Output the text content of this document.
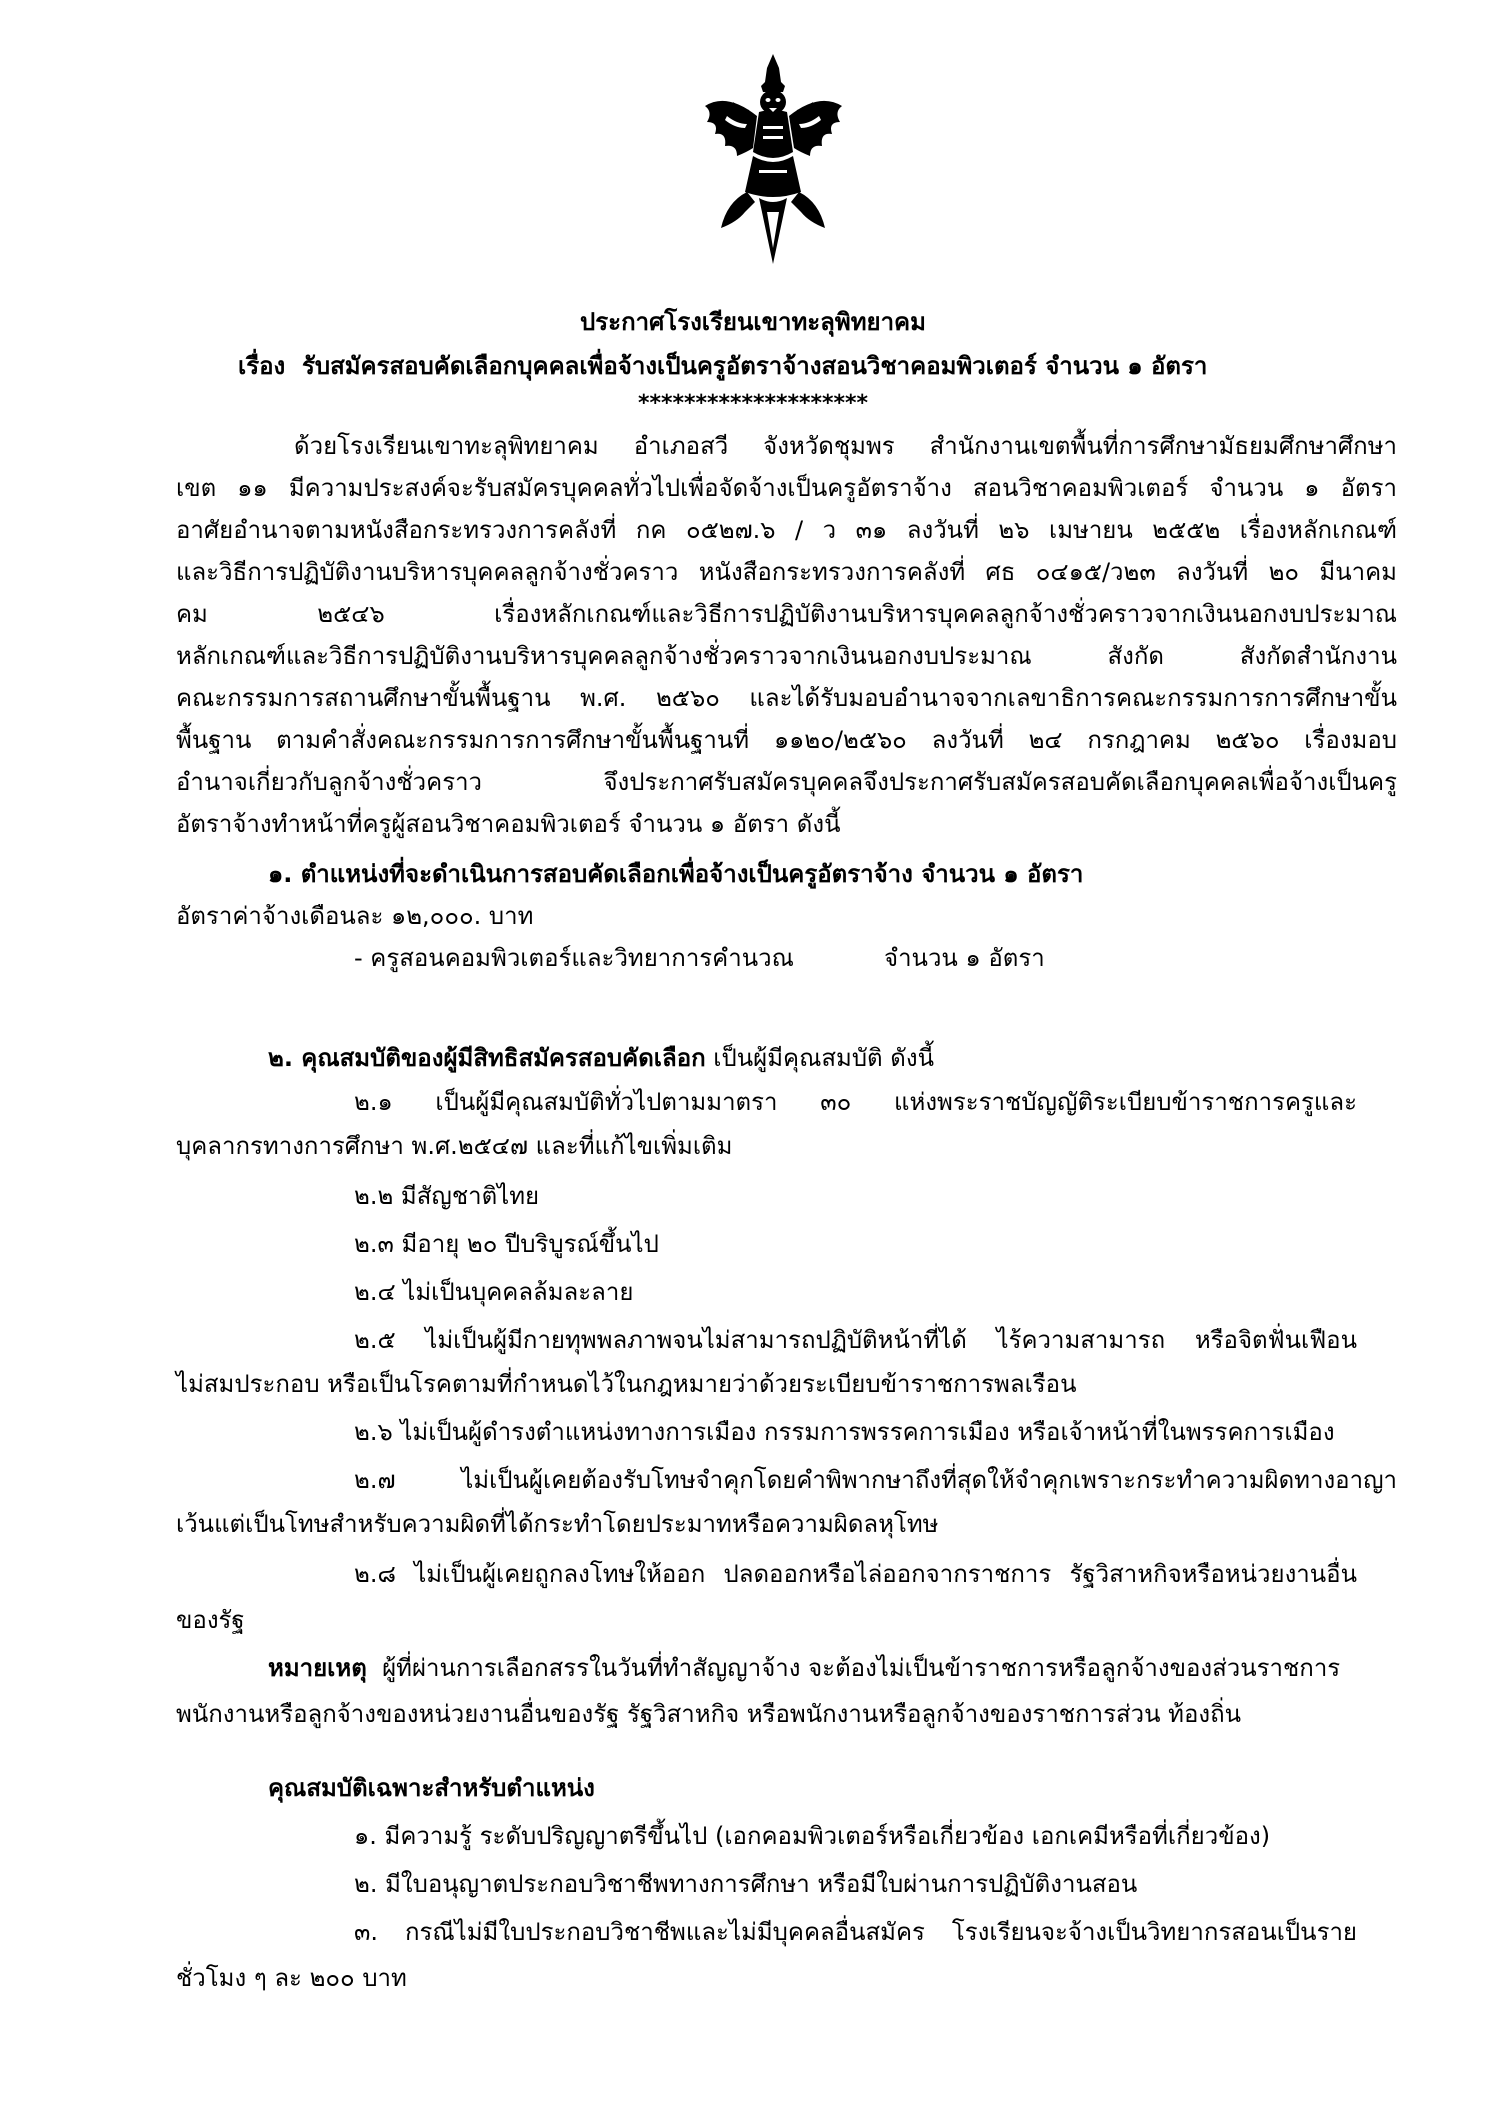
ประกาศโรงเรียนเขาทะลุพิทยาคม

เรื่อง รับสมัครสอบคัดเลือกบุคคลเพื่อจ้างเป็นครูอัตราจ้างสอนวิชาคอมพิวเตอร์ จำนวน ๑ อัตรา

********************

ด้วยโรงเรียนเขาทะลุพิทยาคม อำเภอสวี จังหวัดชุมพร สำนักงานเขตพื้นที่การศึกษามัธยมศึกษาศึกษา

เขต ๑๑ มีความประสงค์จะรับสมัครบุคคลทั่วไปเพื่อจัดจ้างเป็นครูอัตราจ้าง สอนวิชาคอมพิวเตอร์ จำนวน ๑ อัตรา

อาศัยอำนาจตามหนังสือกระทรวงการคลังที่ กค ๐๕๒๗.๖ / ว ๓๑ ลงวันที่ ๒๖ เมษายน ๒๕๕๒ เรื่องหลักเกณฑ์

และวิธีการปฏิบัติงานบริหารบุคคลลูกจ้างชั่วคราว หนังสือกระทรวงการคลังที่ ศธ ๐๔๑๕/ว๒๓ ลงวันที่ ๒๐ มีนาคม

คม ๒๕๔๖ เรื่องหลักเกณฑ์และวิธีการปฏิบัติงานบริหารบุคคลลูกจ้างชั่วคราวจากเงินนอกงบประมาณ

หลักเกณฑ์และวิธีการปฏิบัติงานบริหารบุคคลลูกจ้างชั่วคราวจากเงินนอกงบประมาณ สังกัด สังกัดสำนักงาน

คณะกรรมการสถานศึกษาขั้นพื้นฐาน พ.ศ. ๒๕๖๐ และได้รับมอบอำนาจจากเลขาธิการคณะกรรมการการศึกษาขั้น

พื้นฐาน ตามคำสั่งคณะกรรมการการศึกษาขั้นพื้นฐานที่ ๑๑๒๐/๒๕๖๐ ลงวันที่ ๒๔ กรกฎาคม ๒๕๖๐ เรื่องมอบ

อำนาจเกี่ยวกับลูกจ้างชั่วคราว จึงประกาศรับสมัครบุคคลจึงประกาศรับสมัครสอบคัดเลือกบุคคลเพื่อจ้างเป็นครู

อัตราจ้างทำหน้าที่ครูผู้สอนวิชาคอมพิวเตอร์ จำนวน ๑ อัตรา ดังนี้

๑. ตำแหน่งที่จะดำเนินการสอบคัดเลือกเพื่อจ้างเป็นครูอัตราจ้าง จำนวน ๑ อัตรา

อัตราค่าจ้างเดือนละ ๑๒,๐๐๐. บาท

- ครูสอนคอมพิวเตอร์และวิทยาการคำนวณ	จำนวน ๑ อัตรา

๒. คุณสมบัติของผู้มีสิทธิสมัครสอบคัดเลือก เป็นผู้มีคุณสมบัติ ดังนี้

๒.๑ เป็นผู้มีคุณสมบัติทั่วไปตามมาตรา ๓๐ แห่งพระราชบัญญัติระเบียบข้าราชการครูและ

บุคลากรทางการศึกษา พ.ศ.๒๕๔๗ และที่แก้ไขเพิ่มเติม

๒.๒ มีสัญชาติไทย

๒.๓ มีอายุ ๒๐ ปีบริบูรณ์ขึ้นไป

๒.๔ ไม่เป็นบุคคลล้มละลาย

๒.๕ ไม่เป็นผู้มีกายทุพพลภาพจนไม่สามารถปฏิบัติหน้าที่ได้ ไร้ความสามารถ หรือจิตฟั่นเฟือน

ไม่สมประกอบ หรือเป็นโรคตามที่กำหนดไว้ในกฎหมายว่าด้วยระเบียบข้าราชการพลเรือน

๒.๖ ไม่เป็นผู้ดำรงตำแหน่งทางการเมือง กรรมการพรรคการเมือง หรือเจ้าหน้าที่ในพรรคการเมือง

๒.๗ ไม่เป็นผู้เคยต้องรับโทษจำคุกโดยคำพิพากษาถึงที่สุดให้จำคุกเพราะกระทำความผิดทางอาญา

เว้นแต่เป็นโทษสำหรับความผิดที่ได้กระทำโดยประมาทหรือความผิดลหุโทษ

๒.๘ ไม่เป็นผู้เคยถูกลงโทษให้ออก ปลดออกหรือไล่ออกจากราชการ รัฐวิสาหกิจหรือหน่วยงานอื่น

ของรัฐ

หมายเหตุ ผู้ที่ผ่านการเลือกสรรในวันที่ทำสัญญาจ้าง จะต้องไม่เป็นข้าราชการหรือลูกจ้างของส่วนราชการ

พนักงานหรือลูกจ้างของหน่วยงานอื่นของรัฐ รัฐวิสาหกิจ หรือพนักงานหรือลูกจ้างของราชการส่วน ท้องถิ่น

คุณสมบัติเฉพาะสำหรับตำแหน่ง

๑. มีความรู้ ระดับปริญญาตรีขึ้นไป (เอกคอมพิวเตอร์หรือเกี่ยวข้อง เอกเคมีหรือที่เกี่ยวข้อง)

๒. มีใบอนุญาตประกอบวิชาชีพทางการศึกษา หรือมีใบผ่านการปฏิบัติงานสอน

๓. กรณีไม่มีใบประกอบวิชาชีพและไม่มีบุคคลอื่นสมัคร โรงเรียนจะจ้างเป็นวิทยากรสอนเป็นราย

ชั่วโมง ๆ ละ ๒๐๐ บาท
